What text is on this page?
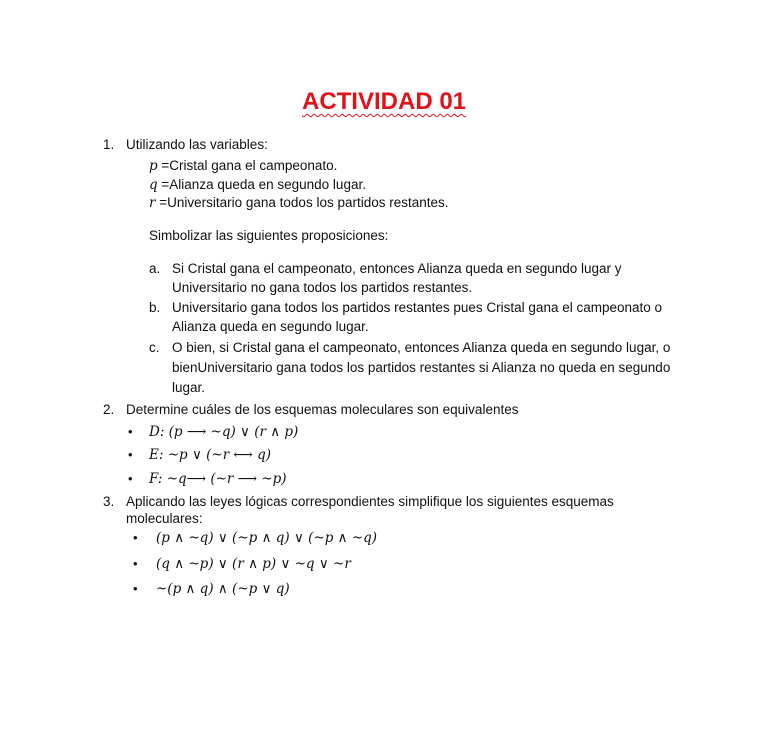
ACTIVIDAD 01
1. Utilizando las variables:
p =Cristal gana el campeonato.
q =Alianza queda en segundo lugar.
r =Universitario gana todos los partidos restantes.
Simbolizar las siguientes proposiciones:
a. Si Cristal gana el campeonato, entonces Alianza queda en segundo lugar y
Universitario no gana todos los partidos restantes.
b. Universitario gana todos los partidos restantes pues Cristal gana el campeonato o
Alianza queda en segundo lugar.
c. O bien, si Cristal gana el campeonato, entonces Alianza queda en segundo lugar, o
bienUniversitario gana todos los partidos restantes si Alianza no queda en segundo
lugar.
2. Determine cuáles de los esquemas moleculares son equivalentes
• D: (p ⟶ ~q) ∨ (r ∧ p)
• E: ~p ∨ (~r ⟷ q)
• F: ~q⟶ (~r ⟶ ~p)
3. Aplicando las leyes lógicas correspondientes simplifique los siguientes esquemas
moleculares:
• (p ∧ ~q) ∨ (~p ∧ q) ∨ (~p ∧ ~q)
• (q ∧ ~p) ∨ (r ∧ p) ∨ ~q ∨ ~r
• ~(p ∧ q) ∧ (~p ∨ q)
